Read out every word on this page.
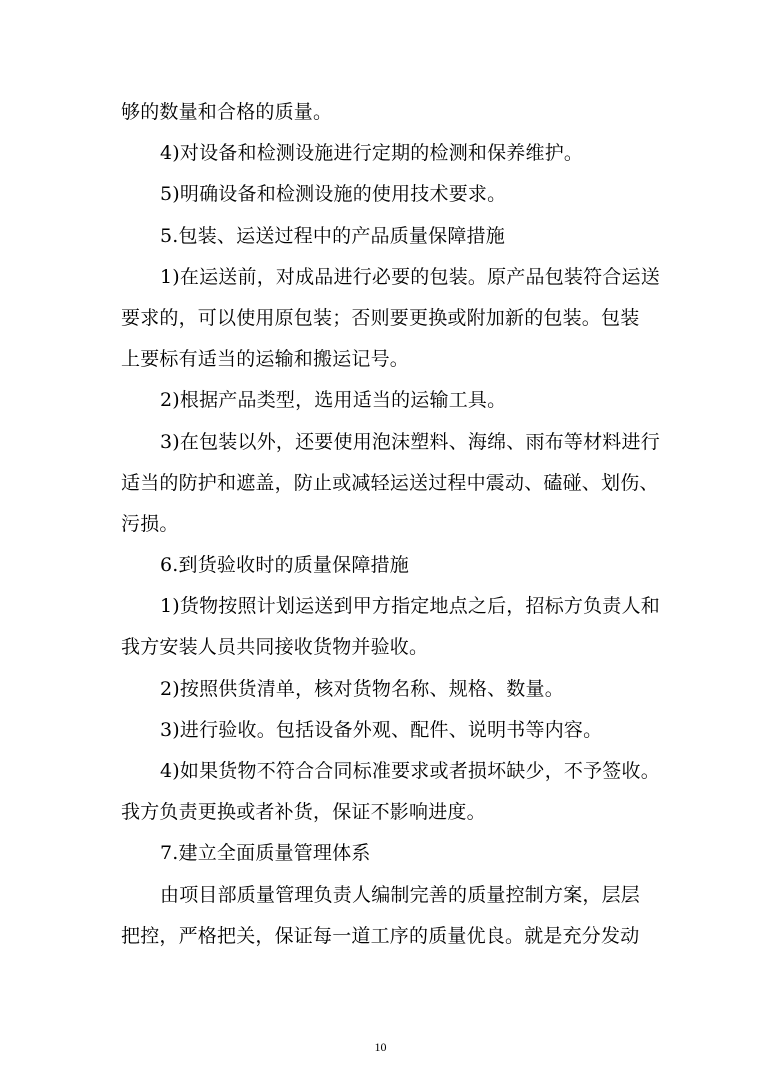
够的数量和合格的质量。
4)对设备和检测设施进行定期的检测和保养维护。
5)明确设备和检测设施的使用技术要求。
5.包装、运送过程中的产品质量保障措施
1)在运送前，对成品进行必要的包装。原产品包装符合运送
要求的，可以使用原包装；否则要更换或附加新的包装。包装
上要标有适当的运输和搬运记号。
2)根据产品类型，选用适当的运输工具。
3)在包装以外，还要使用泡沫塑料、海绵、雨布等材料进行
适当的防护和遮盖，防止或减轻运送过程中震动、磕碰、划伤、
污损。
6.到货验收时的质量保障措施
1)货物按照计划运送到甲方指定地点之后，招标方负责人和
我方安装人员共同接收货物并验收。
2)按照供货清单，核对货物名称、规格、数量。
3)进行验收。包括设备外观、配件、说明书等内容。
4)如果货物不符合合同标准要求或者损坏缺少，不予签收。
我方负责更换或者补货，保证不影响进度。
7.建立全面质量管理体系
由项目部质量管理负责人编制完善的质量控制方案，层层
把控，严格把关，保证每一道工序的质量优良。就是充分发动
10
